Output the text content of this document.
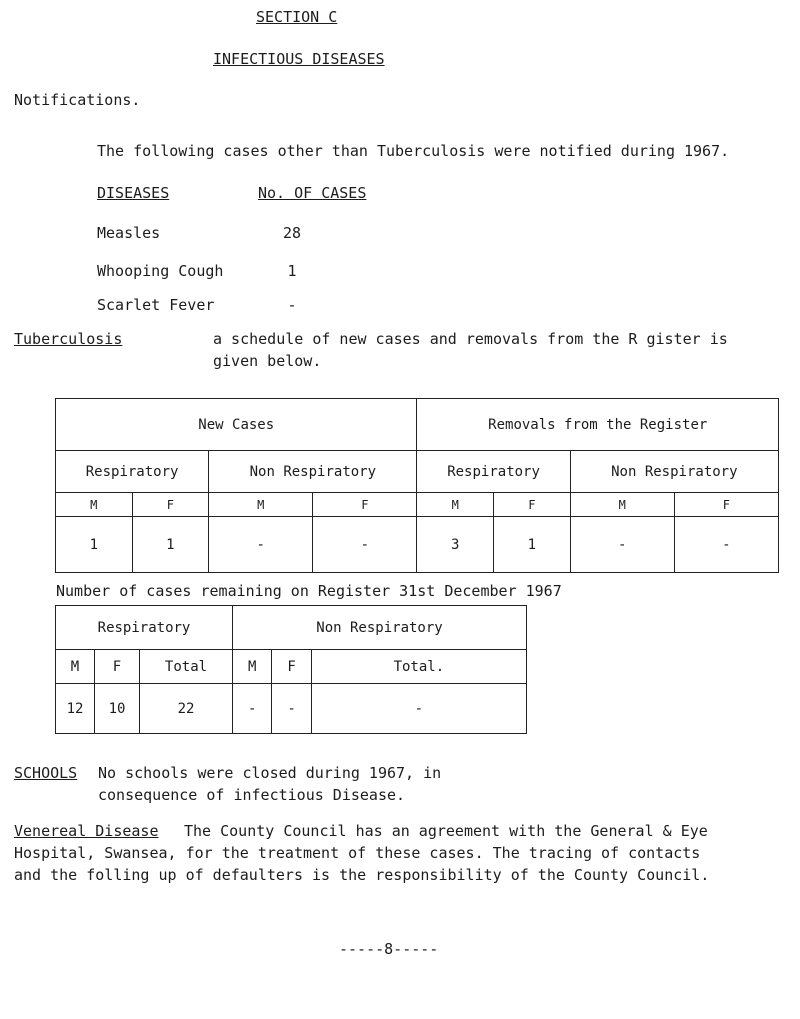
SECTION C
INFECTIOUS DISEASES
Notifications.
The following cases other than Tuberculosis were notified during 1967.
DISEASES	No. OF CASES
Measles	28
Whooping Cough	1
Scarlet Fever	-
Tuberculosis	a schedule of new cases and removals from the R gister is
given below.
New Cases				Removals from the Register			
Respiratory		Non Respiratory		Respiratory		Non Respiratory	
M	F	M	F	M	F	M	F
1	1	-	-	3	1	-	-
Number of cases remaining on Register 31st December 1967
Respiratory			Non Respiratory		
M	F	Total	M	F	Total.
12	10	22	-	-	-
SCHOOLS No schools were closed during 1967, in
consequence of infectious Disease.
Venereal Disease The County Council has an agreement with the General & Eye
Hospital, Swansea, for the treatment of these cases. The tracing of contacts
and the folling up of defaulters is the responsibility of the County Council.
-----8-----
